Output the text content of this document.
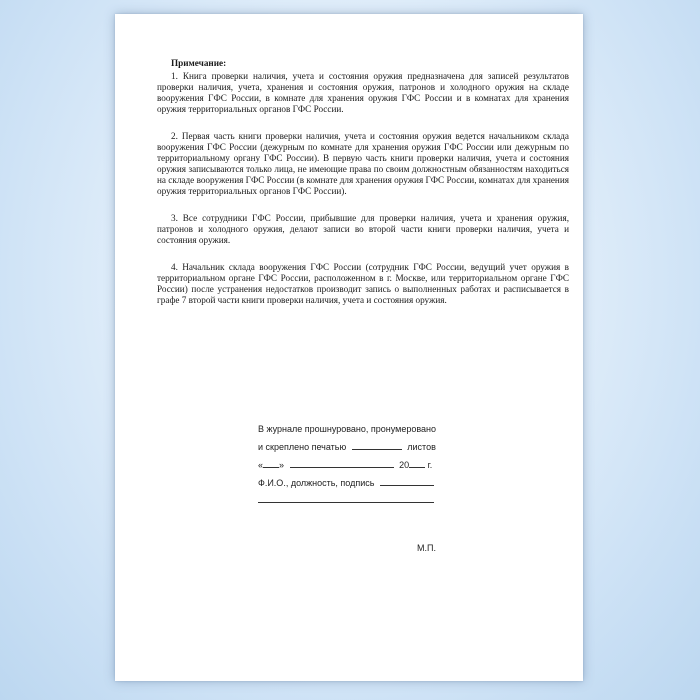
Примечание:

1. Книга проверки наличия, учета и состояния оружия предназначена для записей результатов проверки наличия, учета, хранения и состояния оружия, патронов и холодного оружия на складе вооружения ГФС России, в комнате для хранения оружия ГФС России и в комнатах для хранения оружия территориальных органов ГФС России.

2. Первая часть книги проверки наличия, учета и состояния оружия ведется начальником склада вооружения ГФС России (дежурным по комнате для хранения оружия ГФС России или дежурным по территориальному органу ГФС России). В первую часть книги проверки наличия, учета и состояния оружия записываются только лица, не имеющие права по своим должностным обязанностям находиться на складе вооружения ГФС России (в комнате для хранения оружия ГФС России, комнатах для хранения оружия территориальных органов ГФС России).

3. Все сотрудники ГФС России, прибывшие для проверки наличия, учета и хранения оружия, патронов и холодного оружия, делают записи во второй части книги проверки наличия, учета и состояния оружия.

4. Начальник склада вооружения ГФС России (сотрудник ГФС России, ведущий учет оружия в территориальном органе ГФС России, расположенном в г. Москве, или территориальном органе ГФС России) после устранения недостатков производит запись о выполненных работах и расписывается в графе 7 второй части книги проверки наличия, учета и состояния оружия.

В журнале прошнуровано, пронумеровано
и скреплено печатью	листов
« »	20 г.
Ф.И.О., должность, подпись
М.П.
